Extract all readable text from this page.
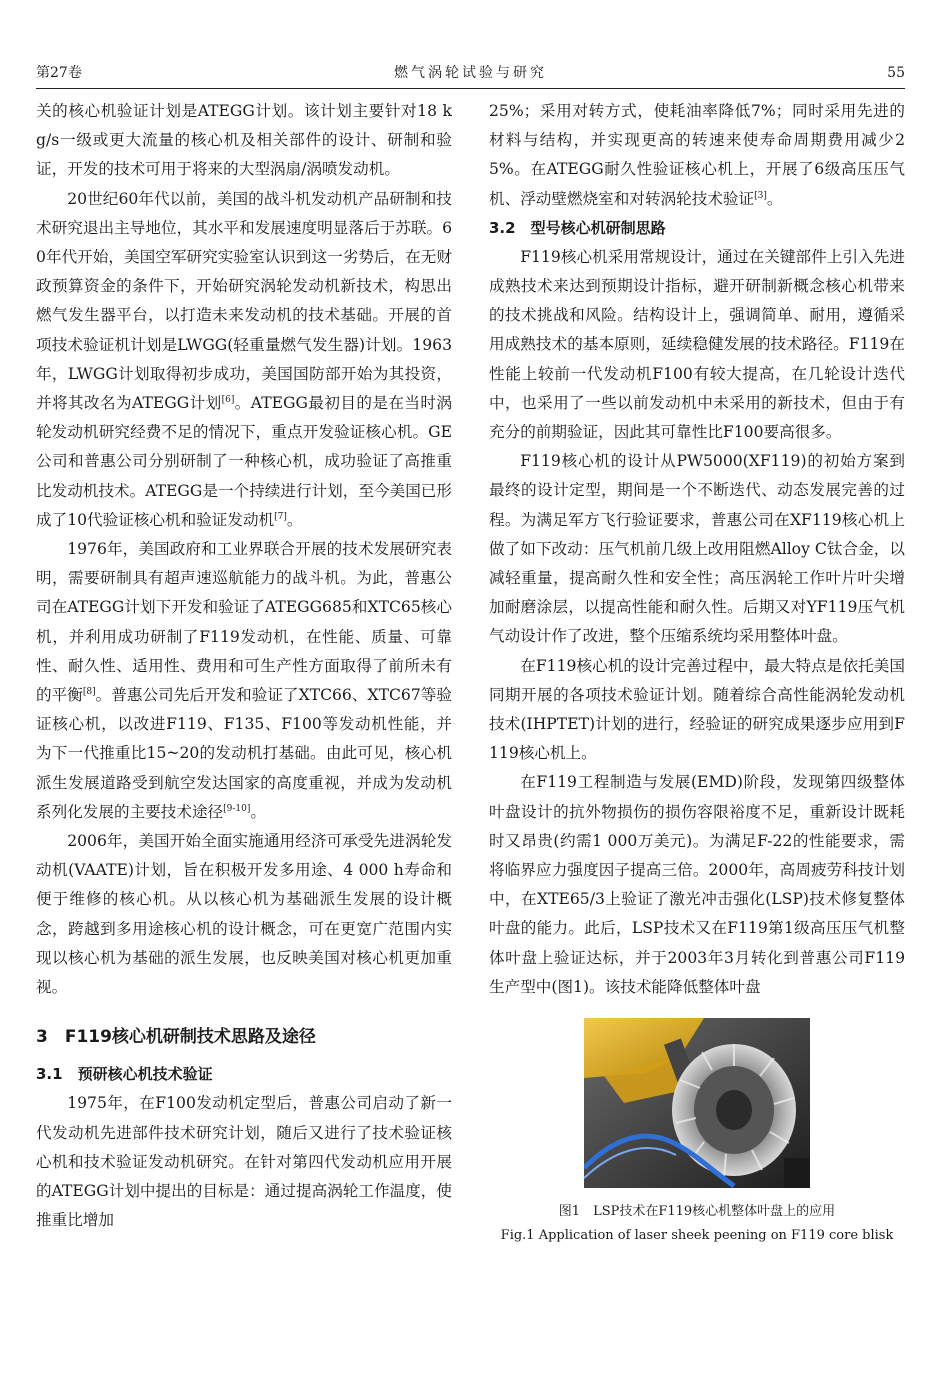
第27卷	燃气涡轮试验与研究	55

关的核心机验证计划是ATEGG计划。该计划主要针对18 kg/s一级或更大流量的核心机及相关部件的设计、研制和验证，开发的技术可用于将来的大型涡扇/涡喷发动机。

20世纪60年代以前，美国的战斗机发动机产品研制和技术研究退出主导地位，其水平和发展速度明显落后于苏联。60年代开始，美国空军研究实验室认识到这一劣势后，在无财政预算资金的条件下，开始研究涡轮发动机新技术，构思出燃气发生器平台，以打造未来发动机的技术基础。开展的首项技术验证机计划是LWGG(轻重量燃气发生器)计划。1963年，LWGG计划取得初步成功，美国国防部开始为其投资，并将其改名为ATEGG计划[6]。ATEGG最初目的是在当时涡轮发动机研究经费不足的情况下，重点开发验证核心机。GE公司和普惠公司分别研制了一种核心机，成功验证了高推重比发动机技术。ATEGG是一个持续进行计划，至今美国已形成了10代验证核心机和验证发动机[7]。

1976年，美国政府和工业界联合开展的技术发展研究表明，需要研制具有超声速巡航能力的战斗机。为此，普惠公司在ATEGG计划下开发和验证了ATEGG685和XTC65核心机，并利用成功研制了F119发动机，在性能、质量、可靠性、耐久性、适用性、费用和可生产性方面取得了前所未有的平衡[8]。普惠公司先后开发和验证了XTC66、XTC67等验证核心机，以改进F119、F135、F100等发动机性能，并为下一代推重比15~20的发动机打基础。由此可见，核心机派生发展道路受到航空发达国家的高度重视，并成为发动机系列化发展的主要技术途径[9-10]。

2006年，美国开始全面实施通用经济可承受先进涡轮发动机(VAATE)计划，旨在积极开发多用途、4 000 h寿命和便于维修的核心机。从以核心机为基础派生发展的设计概念，跨越到多用途核心机的设计概念，可在更宽广范围内实现以核心机为基础的派生发展，也反映美国对核心机更加重视。

3　F119核心机研制技术思路及途径
3.1　预研核心机技术验证

1975年，在F100发动机定型后，普惠公司启动了新一代发动机先进部件技术研究计划，随后又进行了技术验证核心机和技术验证发动机研究。在针对第四代发动机应用开展的ATEGG计划中提出的目标是：通过提高涡轮工作温度，使推重比增加

25%；采用对转方式，使耗油率降低7%；同时采用先进的材料与结构，并实现更高的转速来使寿命周期费用减少25%。在ATEGG耐久性验证核心机上，开展了6级高压压气机、浮动壁燃烧室和对转涡轮技术验证[3]。

3.2　型号核心机研制思路

F119核心机采用常规设计，通过在关键部件上引入先进成熟技术来达到预期设计指标，避开研制新概念核心机带来的技术挑战和风险。结构设计上，强调简单、耐用，遵循采用成熟技术的基本原则，延续稳健发展的技术路径。F119在性能上较前一代发动机F100有较大提高，在几轮设计迭代中，也采用了一些以前发动机中未采用的新技术，但由于有充分的前期验证，因此其可靠性比F100要高很多。

F119核心机的设计从PW5000(XF119)的初始方案到最终的设计定型，期间是一个不断迭代、动态发展完善的过程。为满足军方飞行验证要求，普惠公司在XF119核心机上做了如下改动：压气机前几级上改用阻燃Alloy C钛合金，以减轻重量，提高耐久性和安全性；高压涡轮工作叶片叶尖增加耐磨涂层，以提高性能和耐久性。后期又对YF119压气机气动设计作了改进，整个压缩系统均采用整体叶盘。

在F119核心机的设计完善过程中，最大特点是依托美国同期开展的各项技术验证计划。随着综合高性能涡轮发动机技术(IHPTET)计划的进行，经验证的研究成果逐步应用到F119核心机上。

在F119工程制造与发展(EMD)阶段，发现第四级整体叶盘设计的抗外物损伤的损伤容限裕度不足，重新设计既耗时又昂贵(约需1 000万美元)。为满足F-22的性能要求，需将临界应力强度因子提高三倍。2000年，高周疲劳科技计划中，在XTE65/3上验证了激光冲击强化(LSP)技术修复整体叶盘的能力。此后，LSP技术又在F119第1级高压压气机整体叶盘上验证达标，并于2003年3月转化到普惠公司F119生产型中(图1)。该技术能降低整体叶盘

图1　LSP技术在F119核心机整体叶盘上的应用

Fig.1 Application of laser sheek peening on F119 core blisk
